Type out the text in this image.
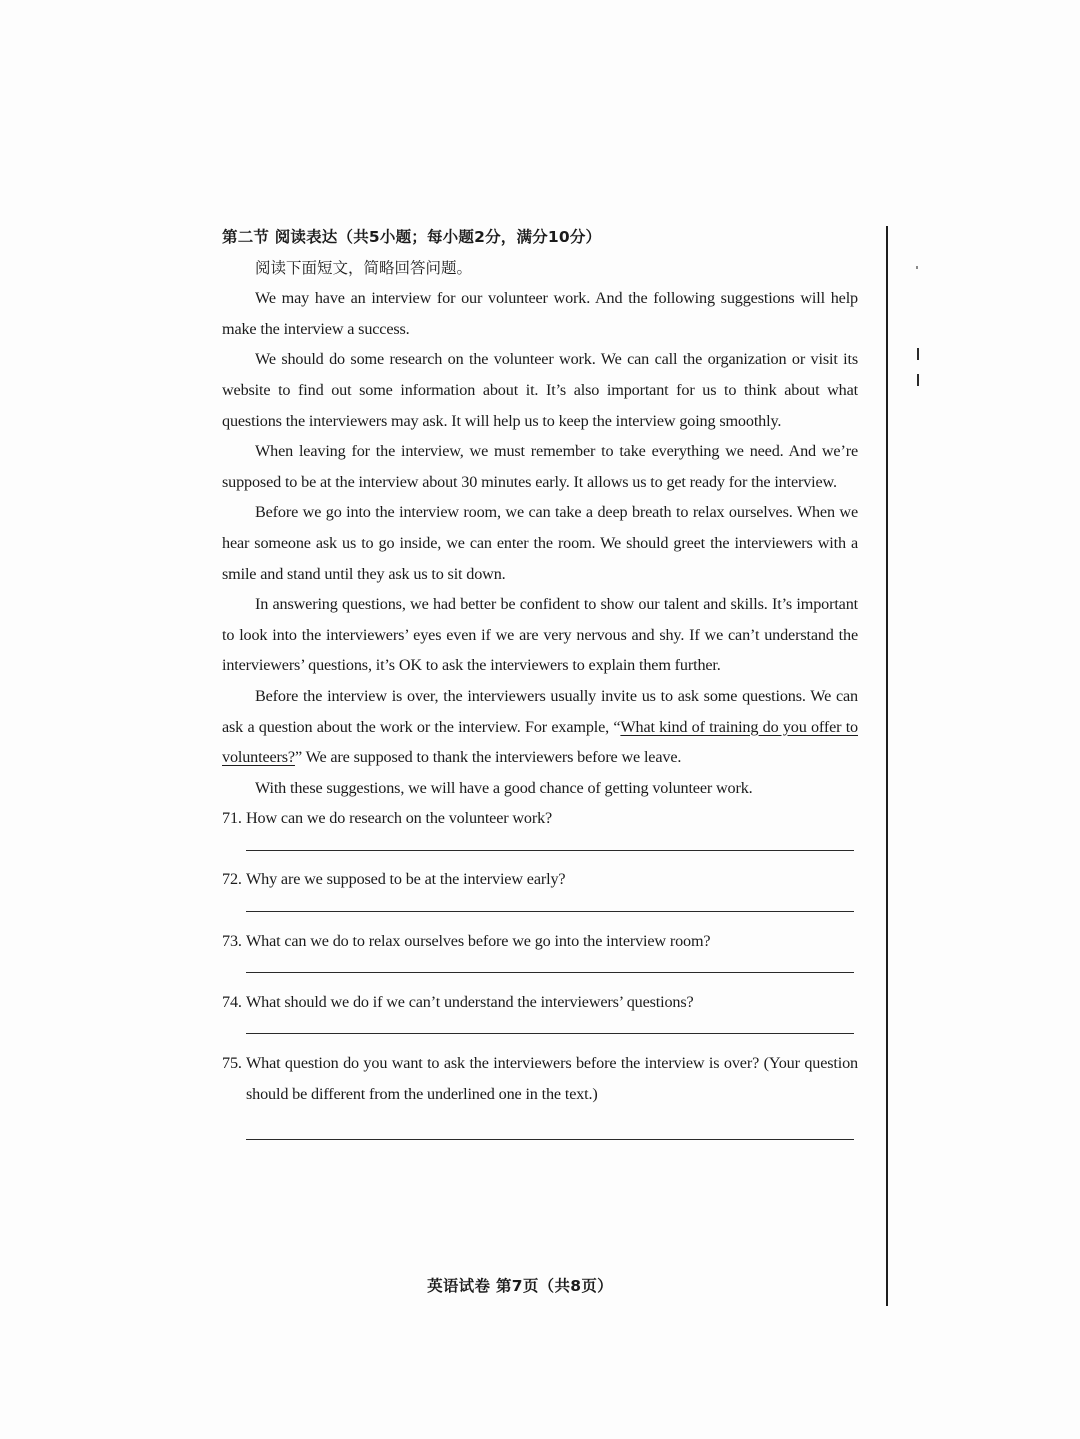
第二节 阅读表达（共5小题；每小题2分，满分10分）
阅读下面短文，简略回答问题。

We may have an interview for our volunteer work. And the following suggestions will help make the interview a success.

We should do some research on the volunteer work. We can call the organization or visit its website to find out some information about it. It’s also important for us to think about what questions the interviewers may ask. It will help us to keep the interview going smoothly.

When leaving for the interview, we must remember to take everything we need. And we’re supposed to be at the interview about 30 minutes early. It allows us to get ready for the interview.

Before we go into the interview room, we can take a deep breath to relax ourselves. When we hear someone ask us to go inside, we can enter the room. We should greet the interviewers with a smile and stand until they ask us to sit down.

In answering questions, we had better be confident to show our talent and skills. It’s important to look into the interviewers’ eyes even if we are very nervous and shy. If we can’t understand the interviewers’ questions, it’s OK to ask the interviewers to explain them further.

Before the interview is over, the interviewers usually invite us to ask some questions. We can ask a question about the work or the interview. For example, “What kind of training do you offer to volunteers?” We are supposed to thank the interviewers before we leave.

With these suggestions, we will have a good chance of getting volunteer work.

71. How can we do research on the volunteer work?
72. Why are we supposed to be at the interview early?
73. What can we do to relax ourselves before we go into the interview room?
74. What should we do if we can’t understand the interviewers’ questions?
75. What question do you want to ask the interviewers before the interview is over? (Your question should be different from the underlined one in the text.)
英语试卷 第7页（共8页）
